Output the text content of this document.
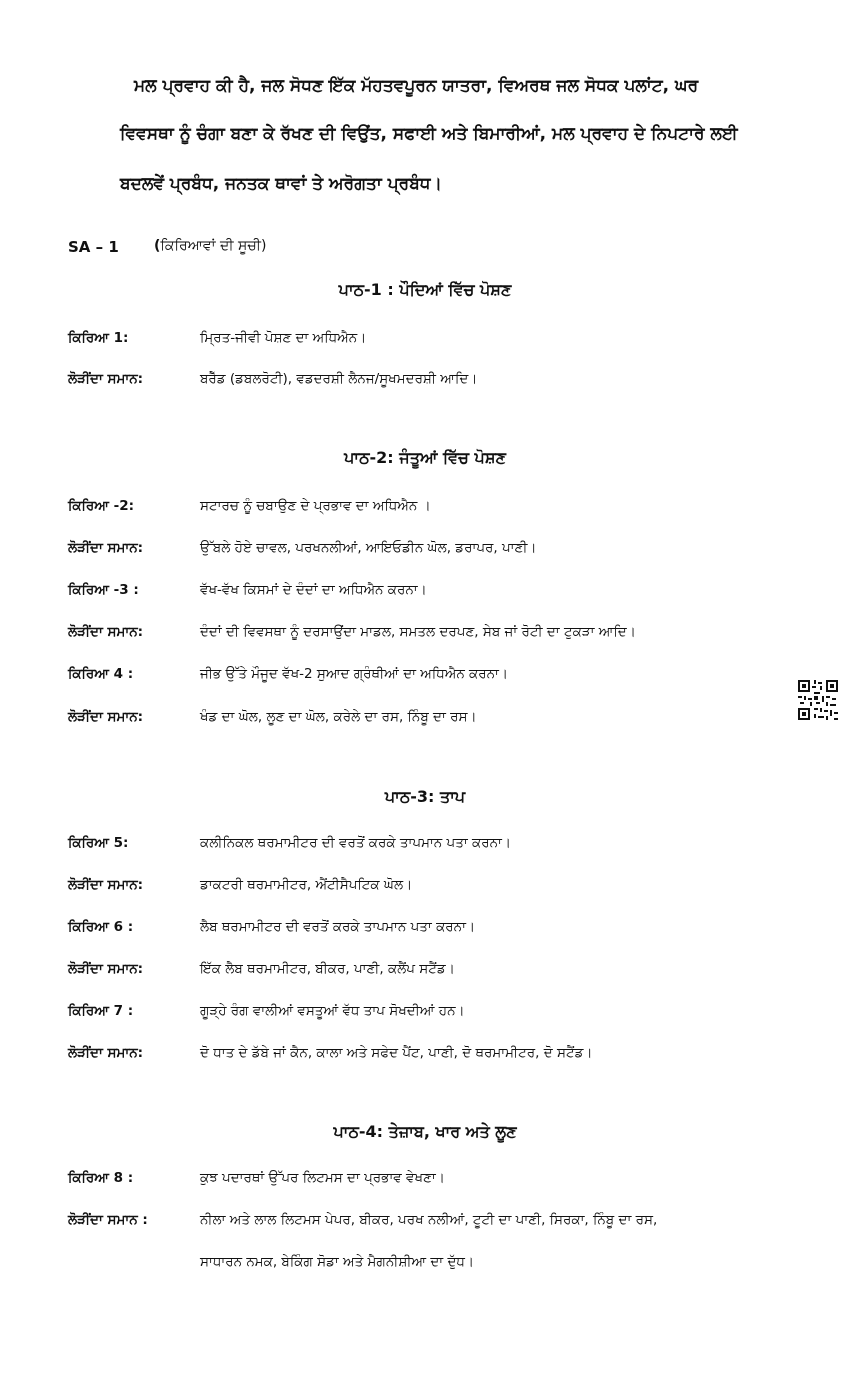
ਮਲ ਪ੍ਰਵਾਹ ਕੀ ਹੈ, ਜਲ ਸੋਧਣ ਇੱਕ ਮੱਹਤਵਪੂਰਨ ਯਾਤਰਾ, ਵਿਅਰਥ ਜਲ ਸੋਧਕ ਪਲਾਂਟ, ਘਰ
ਵਿਵਸਥਾ ਨੂੰ ਚੰਗਾ ਬਣਾ ਕੇ ਰੱਖਣ ਦੀ ਵਿਉਂਤ, ਸਫਾਈ ਅਤੇ ਬਿਮਾਰੀਆਂ, ਮਲ ਪ੍ਰਵਾਹ ਦੇ ਨਿਪਟਾਰੇ ਲਈ
ਬਦਲਵੇਂ ਪ੍ਰਬੰਧ, ਜਨਤਕ ਥਾਵਾਂ ਤੇ ਅਰੋਗਤਾ ਪ੍ਰਬੰਧ।
SA – 1	(ਕਿਰਿਆਵਾਂ ਦੀ ਸੂਚੀ)
ਪਾਠ-1 : ਪੌਦਿਆਂ ਵਿੱਚ ਪੋਸ਼ਣ
ਕਿਰਿਆ 1:	ਮ੍ਰਿਤ-ਜੀਵੀ ਪੋਸ਼ਣ ਦਾ ਅਧਿਐਨ।
ਲੋੜੀਂਦਾ ਸਮਾਨ:	ਬਰੈੱਡ (ਡਬਲਰੋਟੀ), ਵਡਦਰਸ਼ੀ ਲੈਨਜ/ਸੂਖਮਦਰਸ਼ੀ ਆਦਿ।
ਪਾਠ-2: ਜੰਤੂਆਂ ਵਿੱਚ ਪੋਸ਼ਣ
ਕਿਰਿਆ -2:	ਸਟਾਰਚ ਨੂੰ ਚਬਾਉਣ ਦੇ ਪ੍ਰਭਾਵ ਦਾ ਅਧਿਐਨ ।
ਲੋੜੀਂਦਾ ਸਮਾਨ:	ਉੱਬਲੇ ਹੋਏ ਚਾਵਲ, ਪਰਖਨਲੀਆਂ, ਆਇਓਡੀਨ ਘੋਲ, ਡਰਾਪਰ, ਪਾਣੀ।
ਕਿਰਿਆ -3 :	ਵੱਖ-ਵੱਖ ਕਿਸਮਾਂ ਦੇ ਦੰਦਾਂ ਦਾ ਅਧਿਐਨ ਕਰਨਾ।
ਲੋੜੀਂਦਾ ਸਮਾਨ:	ਦੰਦਾਂ ਦੀ ਵਿਵਸਥਾ ਨੂੰ ਦਰਸਾਉਂਦਾ ਮਾਡਲ, ਸਮਤਲ ਦਰਪਣ, ਸੇਬ ਜਾਂ ਰੋਟੀ ਦਾ ਟੁਕੜਾ ਆਦਿ।
ਕਿਰਿਆ 4 :	ਜੀਭ ਉੱਤੇ ਮੌਜੂਦ ਵੱਖ-2 ਸੁਆਦ ਗ੍ਰੰਥੀਆਂ ਦਾ ਅਧਿਐਨ ਕਰਨਾ।
ਲੋੜੀਂਦਾ ਸਮਾਨ:	ਖੰਡ ਦਾ ਘੋਲ, ਲੂਣ ਦਾ ਘੋਲ, ਕਰੇਲੇ ਦਾ ਰਸ, ਨਿੰਬੂ ਦਾ ਰਸ।
ਪਾਠ-3: ਤਾਪ
ਕਿਰਿਆ 5:	ਕਲੀਨਿਕਲ ਥਰਮਾਮੀਟਰ ਦੀ ਵਰਤੋਂ ਕਰਕੇ ਤਾਪਮਾਨ ਪਤਾ ਕਰਨਾ।
ਲੋੜੀਂਦਾ ਸਮਾਨ:	ਡਾਕਟਰੀ ਥਰਮਾਮੀਟਰ, ਐਂਟੀਸੈਪਟਿਕ ਘੋਲ।
ਕਿਰਿਆ 6 :	ਲੈਬ ਥਰਮਾਮੀਟਰ ਦੀ ਵਰਤੋਂ ਕਰਕੇ ਤਾਪਮਾਨ ਪਤਾ ਕਰਨਾ।
ਲੋੜੀਂਦਾ ਸਮਾਨ:	ਇੱਕ ਲੈਬ ਥਰਮਾਮੀਟਰ, ਬੀਕਰ, ਪਾਣੀ, ਕਲੈਂਪ ਸਟੈਂਡ।
ਕਿਰਿਆ 7 :	ਗੂੜ੍ਹੇ ਰੰਗ ਵਾਲੀਆਂ ਵਸਤੂਆਂ ਵੱਧ ਤਾਪ ਸੋਖਦੀਆਂ ਹਨ।
ਲੋੜੀਂਦਾ ਸਮਾਨ:	ਦੋ ਧਾਤ ਦੇ ਡੱਬੇ ਜਾਂ ਕੈਨ, ਕਾਲਾ ਅਤੇ ਸਫੇਦ ਪੈਂਟ, ਪਾਣੀ, ਦੋ ਥਰਮਾਮੀਟਰ, ਦੋ ਸਟੈਂਡ।
ਪਾਠ-4: ਤੇਜ਼ਾਬ, ਖਾਰ ਅਤੇ ਲੂਣ
ਕਿਰਿਆ 8 :	ਕੁਝ ਪਦਾਰਥਾਂ ਉੱਪਰ ਲਿਟਮਸ ਦਾ ਪ੍ਰਭਾਵ ਵੇਖਣਾ।
ਲੋੜੀਂਦਾ ਸਮਾਨ :	ਨੀਲਾ ਅਤੇ ਲਾਲ ਲਿਟਮਸ ਪੇਪਰ, ਬੀਕਰ, ਪਰਖ ਨਲੀਆਂ, ਟੂਟੀ ਦਾ ਪਾਣੀ, ਸਿਰਕਾ, ਨਿੰਬੂ ਦਾ ਰਸ,
ਸਾਧਾਰਨ ਨਮਕ, ਬੇਕਿੰਗ ਸੋਡਾ ਅਤੇ ਮੈਗਨੀਸ਼ੀਆ ਦਾ ਦੁੱਧ।
